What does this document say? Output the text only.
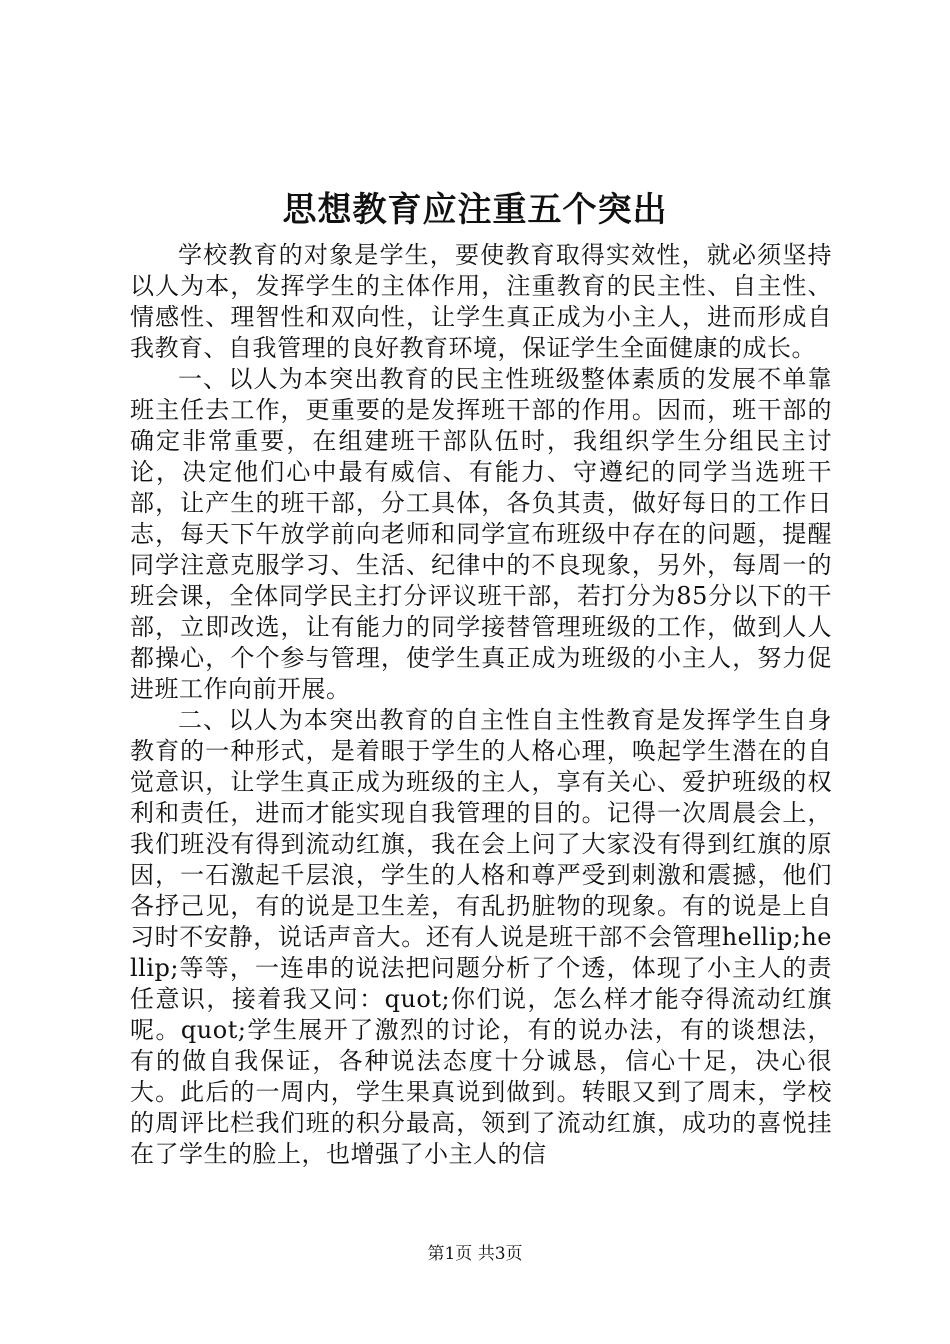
思想教育应注重五个突出

学校教育的对象是学生，要使教育取得实效性，就必须坚持以人为本，发挥学生的主体作用，注重教育的民主性、自主性、情感性、理智性和双向性，让学生真正成为小主人，进而形成自我教育、自我管理的良好教育环境，保证学生全面健康的成长。

一、以人为本突出教育的民主性班级整体素质的发展不单靠班主任去工作，更重要的是发挥班干部的作用。因而，班干部的确定非常重要，在组建班干部队伍时，我组织学生分组民主讨论，决定他们心中最有威信、有能力、守遵纪的同学当选班干部，让产生的班干部，分工具体，各负其责，做好每日的工作日志，每天下午放学前向老师和同学宣布班级中存在的问题，提醒同学注意克服学习、生活、纪律中的不良现象，另外，每周一的班会课，全体同学民主打分评议班干部，若打分为85分以下的干部，立即改选，让有能力的同学接替管理班级的工作，做到人人都操心，个个参与管理，使学生真正成为班级的小主人，努力促进班工作向前开展。

二、以人为本突出教育的自主性自主性教育是发挥学生自身教育的一种形式，是着眼于学生的人格心理，唤起学生潜在的自觉意识，让学生真正成为班级的主人，享有关心、爱护班级的权利和责任，进而才能实现自我管理的目的。记得一次周晨会上，我们班没有得到流动红旗，我在会上问了大家没有得到红旗的原因，一石激起千层浪，学生的人格和尊严受到刺激和震撼，他们各抒己见，有的说是卫生差，有乱扔脏物的现象。有的说是上自习时不安静，说话声音大。还有人说是班干部不会管理hellip;hellip;等等，一连串的说法把问题分析了个透，体现了小主人的责任意识，接着我又问：quot;你们说，怎么样才能夺得流动红旗呢。quot;学生展开了激烈的讨论，有的说办法，有的谈想法，有的做自我保证，各种说法态度十分诚恳，信心十足，决心很大。此后的一周内，学生果真说到做到。转眼又到了周末，学校的周评比栏我们班的积分最高，领到了流动红旗，成功的喜悦挂在了学生的脸上，也增强了小主人的信

第1页 共3页
